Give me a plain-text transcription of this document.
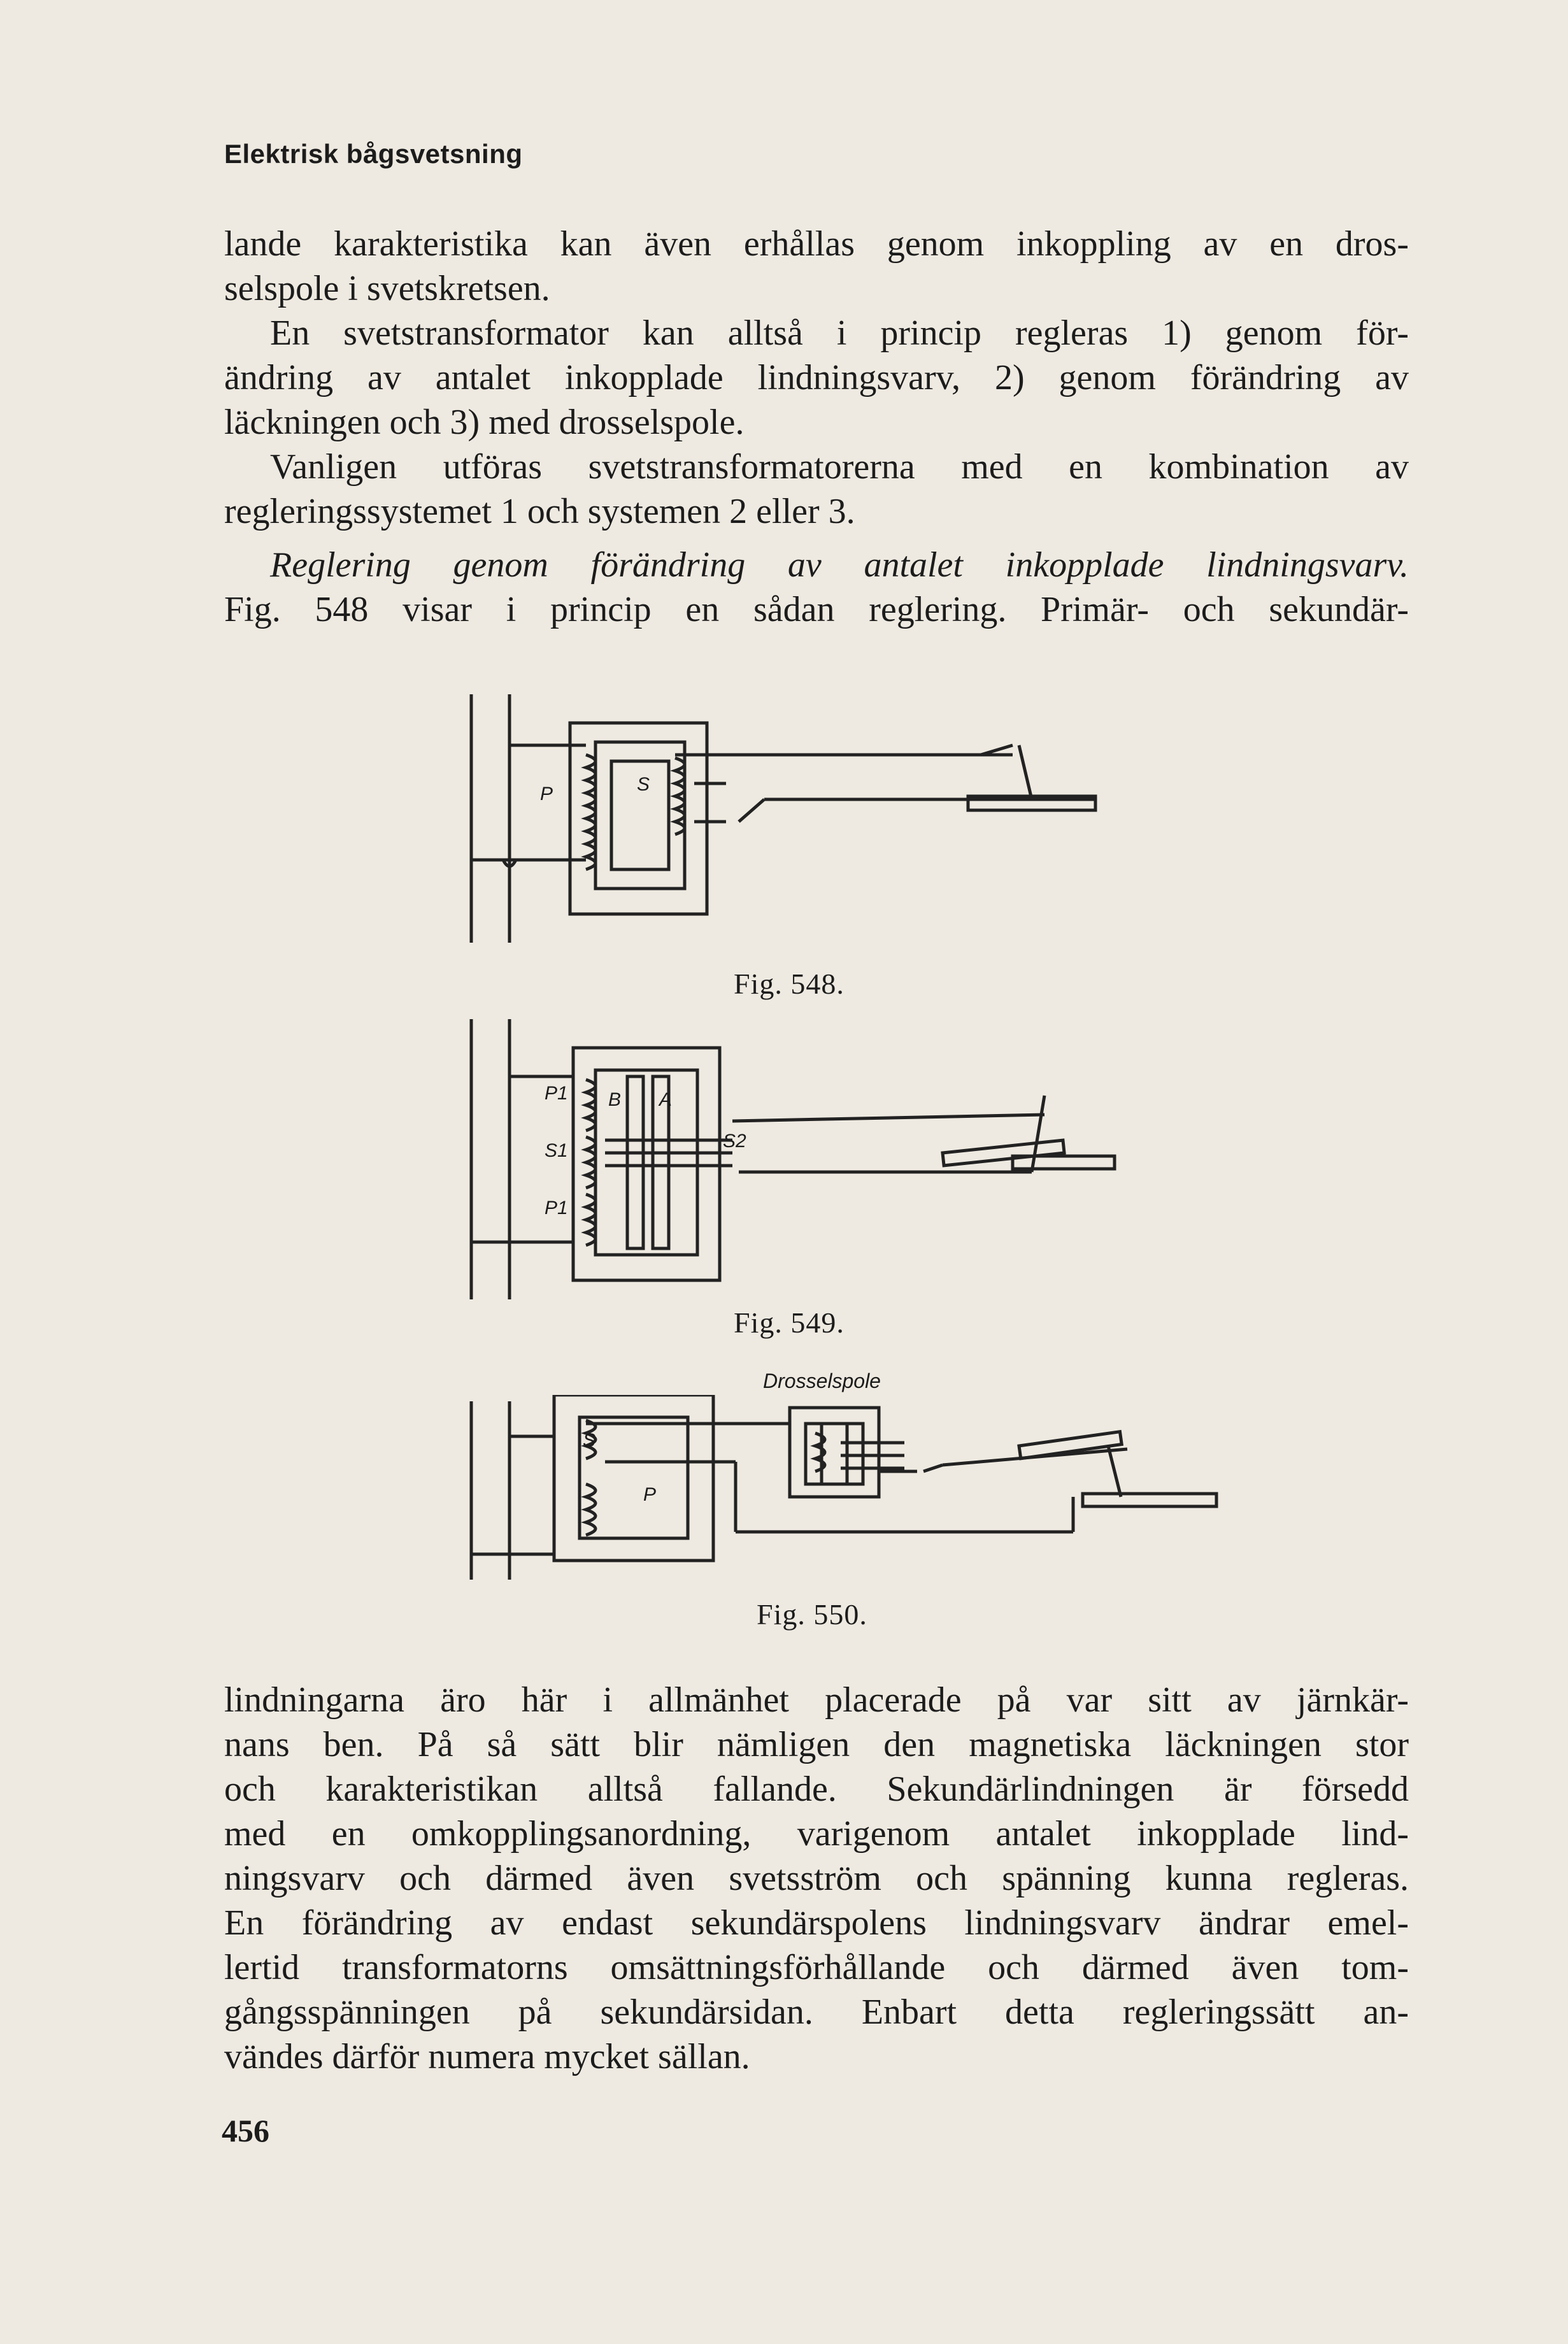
Elektrisk bågsvetsning
lande karakteristika kan även erhållas genom inkoppling av en dros-
selspole i svetskretsen.
En svetstransformator kan alltså i princip regleras 1) genom för-
ändring av antalet inkopplade lindningsvarv, 2) genom förändring av
läckningen och 3) med drosselspole.
Vanligen utföras svetstransformatorerna med en kombination av
regleringssystemet 1 och systemen 2 eller 3.
Reglering genom förändring av antalet inkopplade lindningsvarv.
Fig. 548 visar i princip en sådan reglering. Primär- och sekundär-
P	S
Fig. 548.
P1
S1
P1
B A
S2
Fig. 549.
Drosselspole
S
P
Fig. 550.
lindningarna äro här i allmänhet placerade på var sitt av järnkär-
nans ben. På så sätt blir nämligen den magnetiska läckningen stor
och karakteristikan alltså fallande. Sekundärlindningen är försedd
med en omkopplingsanordning, varigenom antalet inkopplade lind-
ningsvarv och därmed även svetsström och spänning kunna regleras.
En förändring av endast sekundärspolens lindningsvarv ändrar emel-
lertid transformatorns omsättningsförhållande och därmed även tom-
gångsspänningen på sekundärsidan. Enbart detta regleringssätt an-
vändes därför numera mycket sällan.
456
